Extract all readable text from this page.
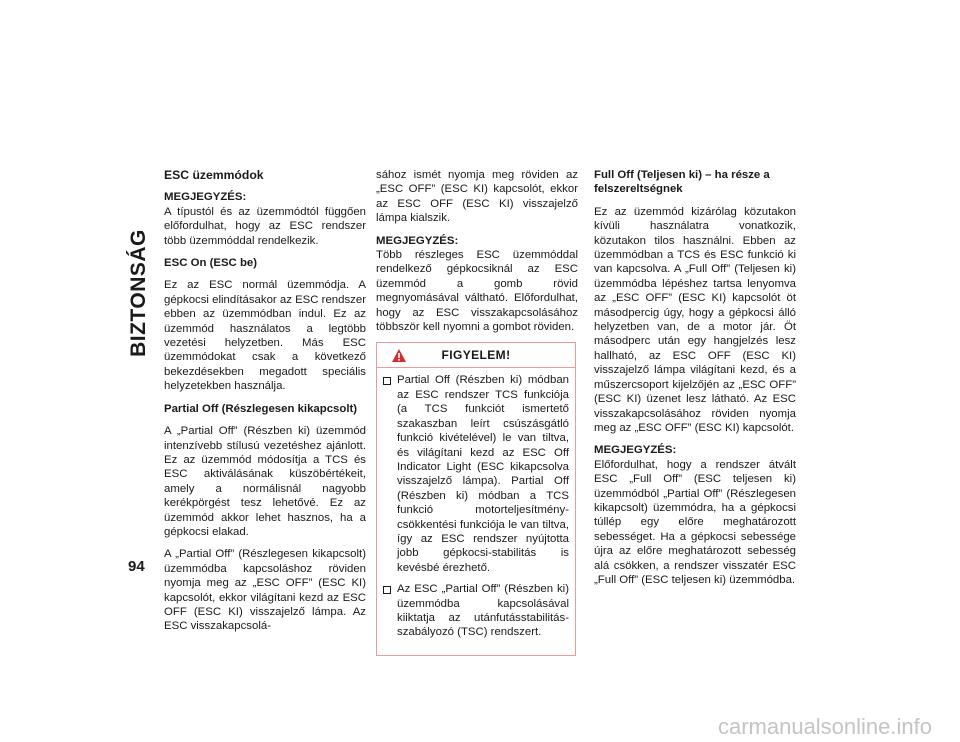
BIZTONSÁG
94
ESC üzemmódok

MEGJEGYZÉS:
A típustól és az üzemmódtól függően előfordulhat, hogy az ESC rendszer több üzemmóddal rendelkezik.

ESC On (ESC be)

Ez az ESC normál üzemmódja. A gépkocsi elindításakor az ESC rendszer ebben az üzemmódban indul. Ez az üzemmód használatos a legtöbb vezetési helyzetben. Más ESC üzemmódokat csak a következő bekezdésekben megadott speciális helyzetekben használja.

Partial Off (Részlegesen kikapcsolt)

A „Partial Off” (Részben ki) üzemmód intenzívebb stílusú vezetéshez ajánlott. Ez az üzemmód módosítja a TCS és ESC aktiválásának küszöbértékeit, amely a normálisnál nagyobb kerékpörgést tesz lehetővé. Ez az üzemmód akkor lehet hasznos, ha a gépkocsi elakad.

A „Partial Off” (Részlegesen kikapcsolt) üzemmódba kapcsoláshoz röviden nyomja meg az „ESC OFF” (ESC KI) kapcsolót, ekkor világítani kezd az ESC OFF (ESC KI) visszajelző lámpa. Az ESC visszakapcsolá-

sához ismét nyomja meg röviden az „ESC OFF” (ESC KI) kapcsolót, ekkor az ESC OFF (ESC KI) visszajelző lámpa kialszik.

MEGJEGYZÉS:
Több részleges ESC üzemmóddal rendelkező gépkocsiknál az ESC üzemmód a gomb rövid megnyomásával váltható. Előfordulhat, hogy az ESC visszakapcsolásához többször kell nyomni a gombot röviden.

FIGYELEM!
Partial Off (Részben ki) módban az ESC rendszer TCS funkciója (a TCS funkciót ismertető szakaszban leírt csúszásgátló funkció kivételével) le van tiltva, és világítani kezd az ESC Off Indicator Light (ESC kikapcsolva visszajelző lámpa). Partial Off (Részben ki) módban a TCS funkció motorteljesítmény-csökkentési funkciója le van tiltva, így az ESC rendszer nyújtotta jobb gépkocsi-stabilitás is kevésbé érezhető.
Az ESC „Partial Off” (Részben ki) üzemmódba kapcsolásával kiiktatja az utánfutásstabilitás-szabályozó (TSC) rendszert.
Full Off (Teljesen ki) – ha része a felszereltségnek

Ez az üzemmód kizárólag közutakon kívüli használatra vonatkozik, közutakon tilos használni. Ebben az üzemmódban a TCS és ESC funkció ki van kapcsolva. A „Full Off” (Teljesen ki) üzemmódba lépéshez tartsa lenyomva az „ESC OFF” (ESC KI) kapcsolót öt másodpercig úgy, hogy a gépkocsi álló helyzetben van, de a motor jár. Öt másodperc után egy hangjelzés lesz hallható, az ESC OFF (ESC KI) visszajelző lámpa világítani kezd, és a műszercsoport kijelzőjén az „ESC OFF” (ESC KI) üzenet lesz látható. Az ESC visszakapcsolásához röviden nyomja meg az „ESC OFF” (ESC KI) kapcsolót.

MEGJEGYZÉS:
Előfordulhat, hogy a rendszer átvált ESC „Full Off” (ESC teljesen ki) üzemmódból „Partial Off” (Részlegesen kikapcsolt) üzemmódra, ha a gépkocsi túllép egy előre meghatározott sebességet. Ha a gépkocsi sebessége újra az előre meghatározott sebesség alá csökken, a rendszer visszatér ESC „Full Off” (ESC teljesen ki) üzemmódba.

carmanualsonline.info
